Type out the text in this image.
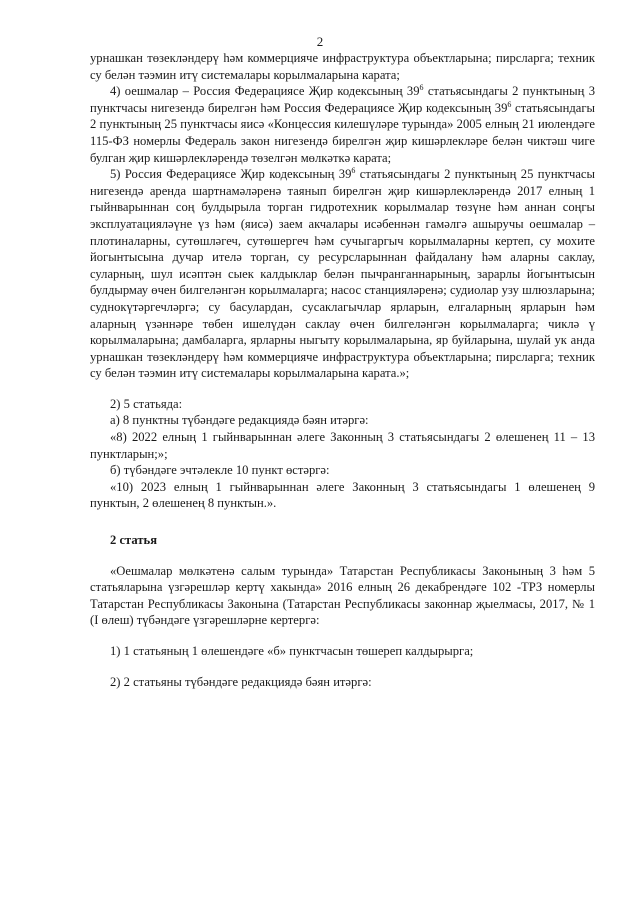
2

урнашкан төзекләндерү һәм коммерцияче инфраструктура объектларына; пирсларга; техник су белән тәэмин итү системалары корылмаларына карата;

4) оешмалар – Россия Федерациясе Җир кодексының $39^6$ статьясындагы 2 пунктының 3 пунктчасы нигезендә бирелгән һәм Россия Федерациясе Җир кодексының $39^6$ статьясындагы 2 пунктының 25 пунктчасы яисә «Концессия килешүләре турында» 2005 елның 21 июлендәге 115-ФЗ номерлы Федераль закон нигезендә бирелгән җир кишәрлекләре белән чиктәш чиге булган җир кишәрлекләрендә төзелгән мөлкәткә карата;

5) Россия Федерациясе Җир кодексының $39^6$ статьясындагы 2 пунктының 25 пунктчасы нигезендә аренда шартнамәләренә таянып бирелгән җир кишәрлекләрендә 2017 елның 1 гыйнварыннан соң булдырыла торган гидротехник корылмалар төзүне һәм аннан соңгы эксплуатацияләүне үз һәм (яисә) заем акчалары исәбеннән гамәлгә ашыручы оешмалар – плотиналарны, сутөшләгеч, сутөшергеч һәм сучыгаргыч корылмаларны кертеп, су мохите йогынтысына дучар ителә торган, су ресурсларыннан файдалану һәм аларны саклау, суларның, шул исәптән сыек калдыклар белән пычранганнарының, зарарлы йогынтысын булдырмау өчен билгеләнгән корылмаларга; насос станцияләренә; судиолар узу шлюзларына; суднокүтәргечләргә; су басулардан, сусаклагычлар ярларын, елгаларның ярларын һәм аларның үзәннәре төбен ишелүдән саклау өчен билгеләнгән корылмаларга; чиклә ү корылмаларына; дамбаларга, ярларны ныгыту корылмаларына, яр буйларына, шулай ук анда урнашкан төзекләндерү һәм коммерцияче инфраструктура объектларына; пирсларга; техник су белән тәэмин итү системалары корылмаларына карата.»;

2) 5 статьяда:

а) 8 пунктны түбәндәге редакциядә бәян итәргә:

«8) 2022 елның 1 гыйнварыннан әлеге Законның 3 статьясындагы 2 өлешенең 11 – 13 пунктларын;»;

б) түбәндәге эчтәлекле 10 пункт өстәргә:

«10) 2023 елның 1 гыйнварыннан әлеге Законның 3 статьясындагы 1 өлешенең 9 пунктын, 2 өлешенең 8 пунктын.».

2 статья

«Оешмалар мөлкәтенә салым турында» Татарстан Республикасы Законының 3 һәм 5 статьяларына үзгәрешләр кертү хакында» 2016 елның 26 декабрендәге 102 -ТРЗ номерлы Татарстан Республикасы Законына (Татарстан Республикасы законнар җыелмасы, 2017, № 1 (I өлеш) түбәндәге үзгәрешләрне кертергә:

1) 1 статьяның 1 өлешендәге «б» пунктчасын төшереп калдырырга;

2) 2 статьяны түбәндәге редакциядә бәян итәргә:
